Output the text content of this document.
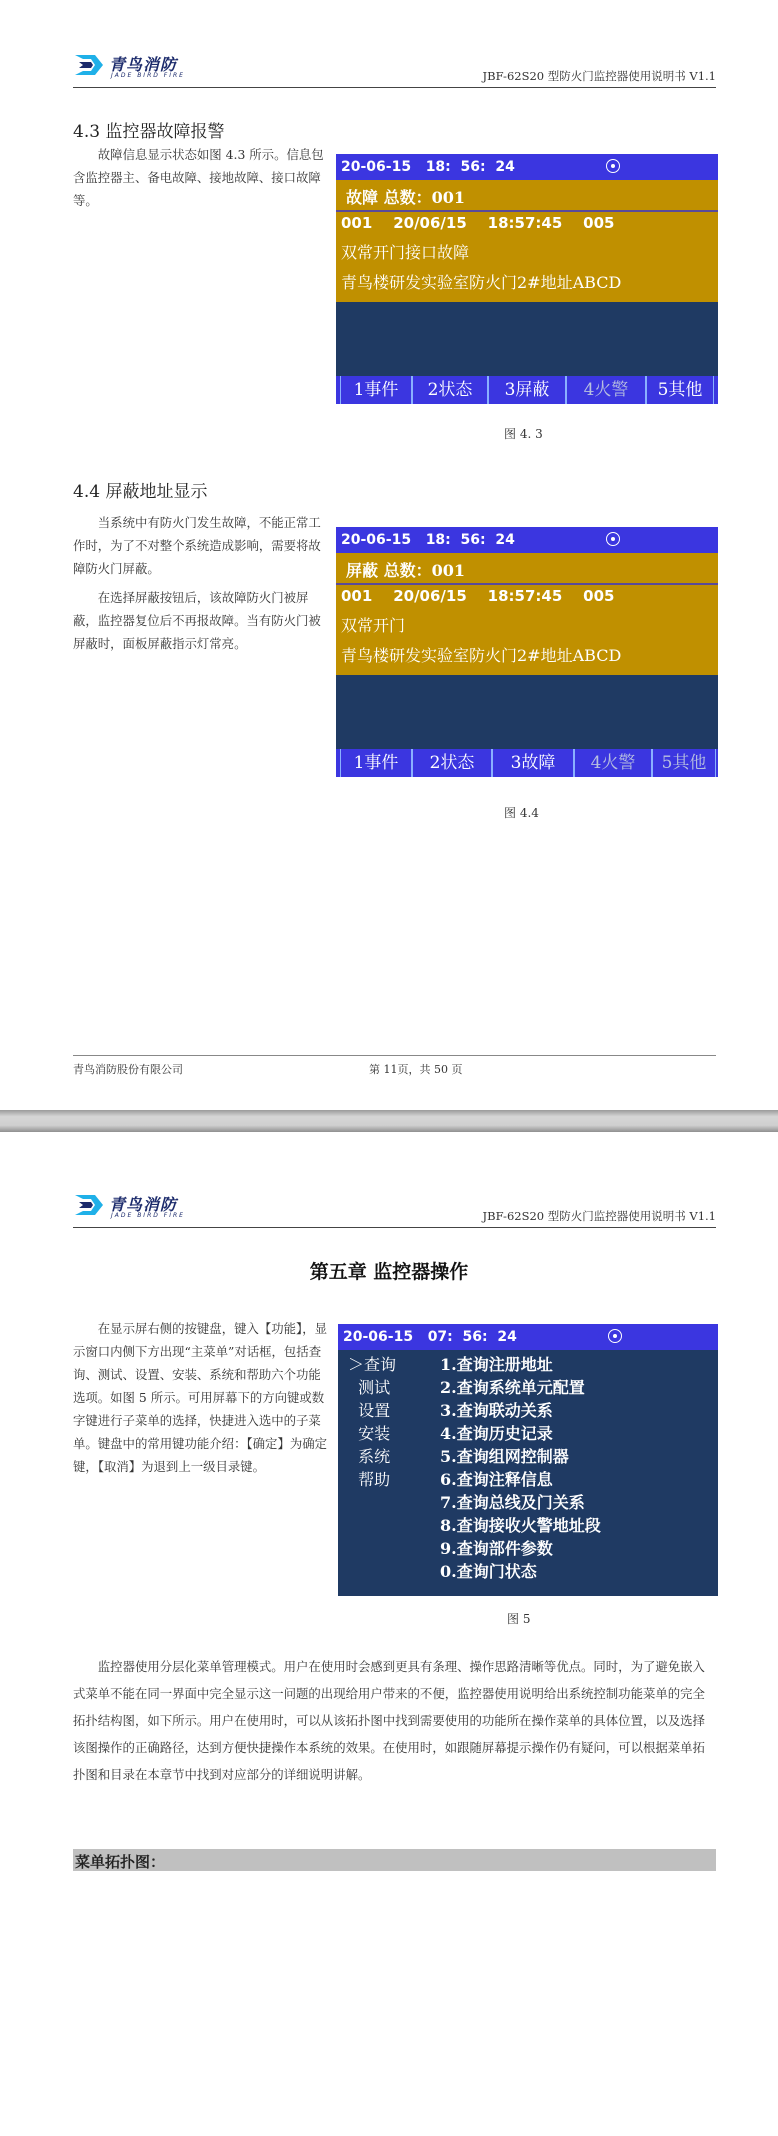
青鸟消防
JADE BIRD FIRE	JBF-62S20 型防火门监控器使用说明书 V1.1
4.3 监控器故障报警

故障信息显示状态如图 4.3 所示。信息包含监控器主、备电故障、接地故障、接口故障等。

20-06-15   18:  56:  24
故障 总数：001
001    20/06/15    18:57:45    005
双常开门接口故障
青鸟楼研发实验室防火门2#地址ABCD
1事件	2状态	3屏蔽	4火警	5其他
图 4. 3
4.4 屏蔽地址显示

当系统中有防火门发生故障，不能正常工作时，为了不对整个系统造成影响，需要将故障防火门屏蔽。

在选择屏蔽按钮后，该故障防火门被屏蔽，监控器复位后不再报故障。当有防火门被屏蔽时，面板屏蔽指示灯常亮。

20-06-15   18:  56:  24
屏蔽 总数：001
001    20/06/15    18:57:45    005
双常开门
青鸟楼研发实验室防火门2#地址ABCD
1事件	2状态	3故障	4火警	5其他
图 4.4
青鸟消防股份有限公司	第 11页，共 50 页
青鸟消防
JADE BIRD FIRE	JBF-62S20 型防火门监控器使用说明书 V1.1
第五章 监控器操作

在显示屏右侧的按键盘，键入【功能】，显示窗口内侧下方出现“主菜单”对话框，包括查询、测试、设置、安装、系统和帮助六个功能选项。如图 5 所示。可用屏幕下的方向键或数字键进行子菜单的选择，快捷进入选中的子菜单。键盘中的常用键功能介绍：【确定】为确定键，【取消】为退到上一级目录键。

20-06-15   07:  56:  24
＞查询
测试
设置
安装
系统
帮助
1.查询注册地址
2.查询系统单元配置
3.查询联动关系
4.查询历史记录
5.查询组网控制器
6.查询注释信息
7.查询总线及门关系
8.查询接收火警地址段
9.查询部件参数
0.查询门状态
图 5

监控器使用分层化菜单管理模式。用户在使用时会感到更具有条理、操作思路清晰等优点。同时，为了避免嵌入式菜单不能在同一界面中完全显示这一问题的出现给用户带来的不便，监控器使用说明给出系统控制功能菜单的完全拓扑结构图，如下所示。用户在使用时，可以从该拓扑图中找到需要使用的功能所在操作菜单的具体位置，以及选择该图操作的正确路径，达到方便快捷操作本系统的效果。在使用时，如跟随屏幕提示操作仍有疑问，可以根据菜单拓扑图和目录在本章节中找到对应部分的详细说明讲解。

菜单拓扑图：
